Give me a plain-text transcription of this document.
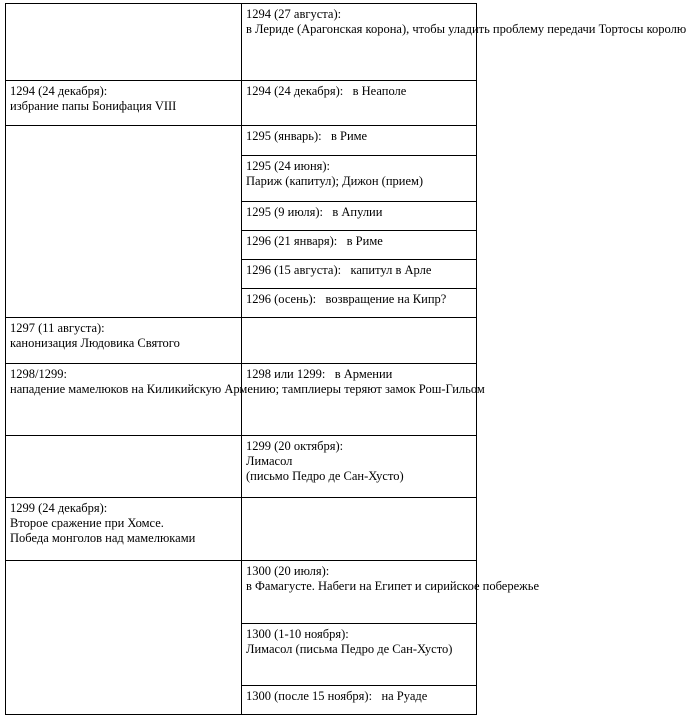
	1294 (27 августа):
в Лериде (Арагонская корона), чтобы уладить проблему передачи Тортосы королю
1294 (24 декабря):
избрание папы Бонифация VIII	1294 (24 декабря):   в Неаполе
	1295 (январь):   в Риме
	1295 (24 июня):
Париж (капитул); Дижон (прием)
	1295 (9 июля):   в Апулии
	1296 (21 января):   в Риме
	1296 (15 августа):   капитул в Арле
	1296 (осень):   возвращение на Кипр?
1297 (11 августа):
канонизация Людовика Святого	
1298/1299:
нападение мамелюков на Киликийскую Армению; тамплиеры теряют замок Рош-Гильом	1298 или 1299:   в Армении
	1299 (20 октября):
Лимасол
(письмо Педро де Сан-Хусто)
1299 (24 декабря):
Второе сражение при Хомсе.
Победа монголов над мамелюками	
	1300 (20 июля):
в Фамагусте. Набеги на Египет и сирийское побережье
	1300 (1-10 ноября):
Лимасол (письма Педро де Сан-Хусто)
	1300 (после 15 ноября):   на Руаде
